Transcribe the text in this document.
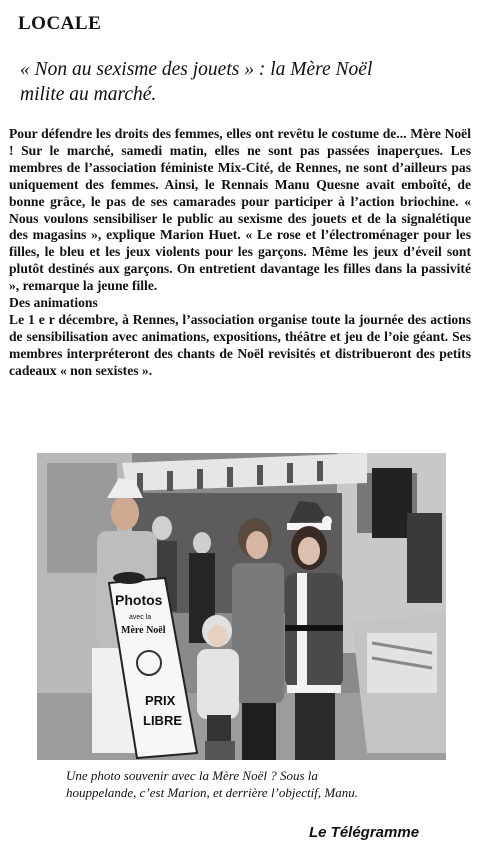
LOCALE
« Non au sexisme des jouets » : la Mère Noël
milite au marché.

Pour défendre les droits des femmes, elles ont revêtu le costume de... Mère Noël ! Sur le marché, samedi matin, elles ne sont pas passées inaperçues. Les membres de l’association féministe Mix-Cité, de Rennes, ne sont d’ailleurs pas uniquement des femmes. Ainsi, le Rennais Manu Quesne avait emboîté, de bonne grâce, le pas de ses camarades pour participer à l’action briochine. « Nous voulons sensibiliser le public au sexisme des jouets et de la signalétique des magasins », explique Marion Huet. « Le rose et l’électroménager pour les filles, le bleu et les jeux violents pour les garçons. Même les jeux d’éveil sont plutôt destinés aux garçons. On entretient davantage les filles dans la passivité », remarque la jeune fille.

Des animations

Le 1 e r décembre, à Rennes, l’association organise toute la journée des actions de sensibilisation avec animations, expositions, théâtre et jeu de l’oie géant. Ses membres interpréteront des chants de Noël revisités et distribueront des petits cadeaux « non sexistes ».

Photos
avec la
Mère Noël
PRIX
LIBRE
Une photo souvenir avec la Mère Noël ? Sous la
houppelande, c’est Marion, et derrière l’objectif, Manu.
Le Télégramme
